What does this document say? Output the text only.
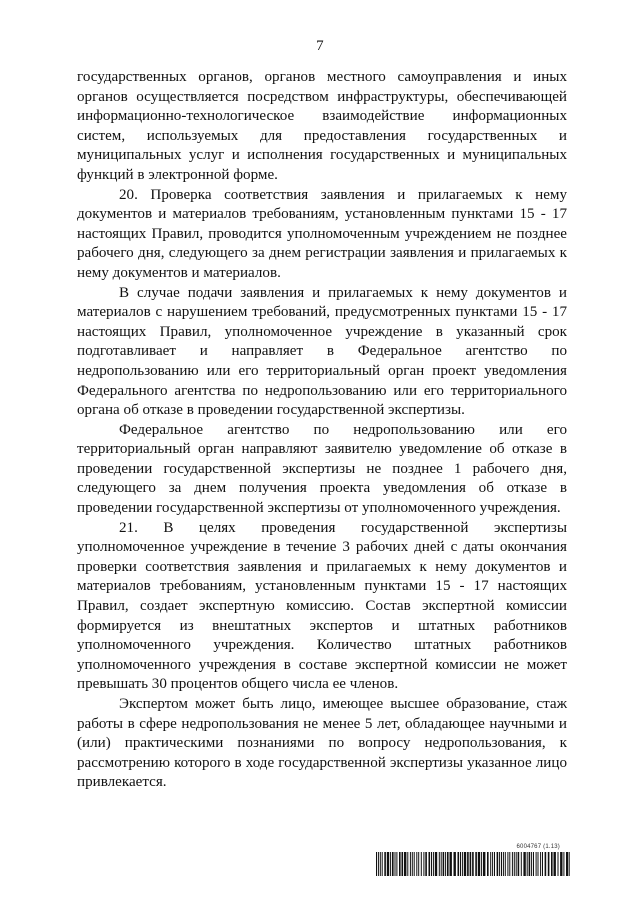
7

государственных органов, органов местного самоуправления и иных органов осуществляется посредством инфраструктуры, обеспечивающей информационно-технологическое взаимодействие информационных систем, используемых для предоставления государственных и муниципальных услуг и исполнения государственных и муниципальных функций в электронной форме.

20. Проверка соответствия заявления и прилагаемых к нему документов и материалов требованиям, установленным пунктами 15 - 17 настоящих Правил, проводится уполномоченным учреждением не позднее рабочего дня, следующего за днем регистрации заявления и прилагаемых к нему документов и материалов.

В случае подачи заявления и прилагаемых к нему документов и материалов с нарушением требований, предусмотренных пунктами 15 - 17 настоящих Правил, уполномоченное учреждение в указанный срок подготавливает и направляет в Федеральное агентство по недропользованию или его территориальный орган проект уведомления Федерального агентства по недропользованию или его территориального органа об отказе в проведении государственной экспертизы.

Федеральное агентство по недропользованию или его территориальный орган направляют заявителю уведомление об отказе в проведении государственной экспертизы не позднее 1 рабочего дня, следующего за днем получения проекта уведомления об отказе в проведении государственной экспертизы от уполномоченного учреждения.

21. В целях проведения государственной экспертизы уполномоченное учреждение в течение 3 рабочих дней с даты окончания проверки соответствия заявления и прилагаемых к нему документов и материалов требованиям, установленным пунктами 15 - 17 настоящих Правил, создает экспертную комиссию. Состав экспертной комиссии формируется из внештатных экспертов и штатных работников уполномоченного учреждения. Количество штатных работников уполномоченного учреждения в составе экспертной комиссии не может превышать 30 процентов общего числа ее членов.

Экспертом может быть лицо, имеющее высшее образование, стаж работы в сфере недропользования не менее 5 лет, обладающее научными и (или) практическими познаниями по вопросу недропользования, к рассмотрению которого в ходе государственной экспертизы указанное лицо привлекается.

6004767 (1.13)
